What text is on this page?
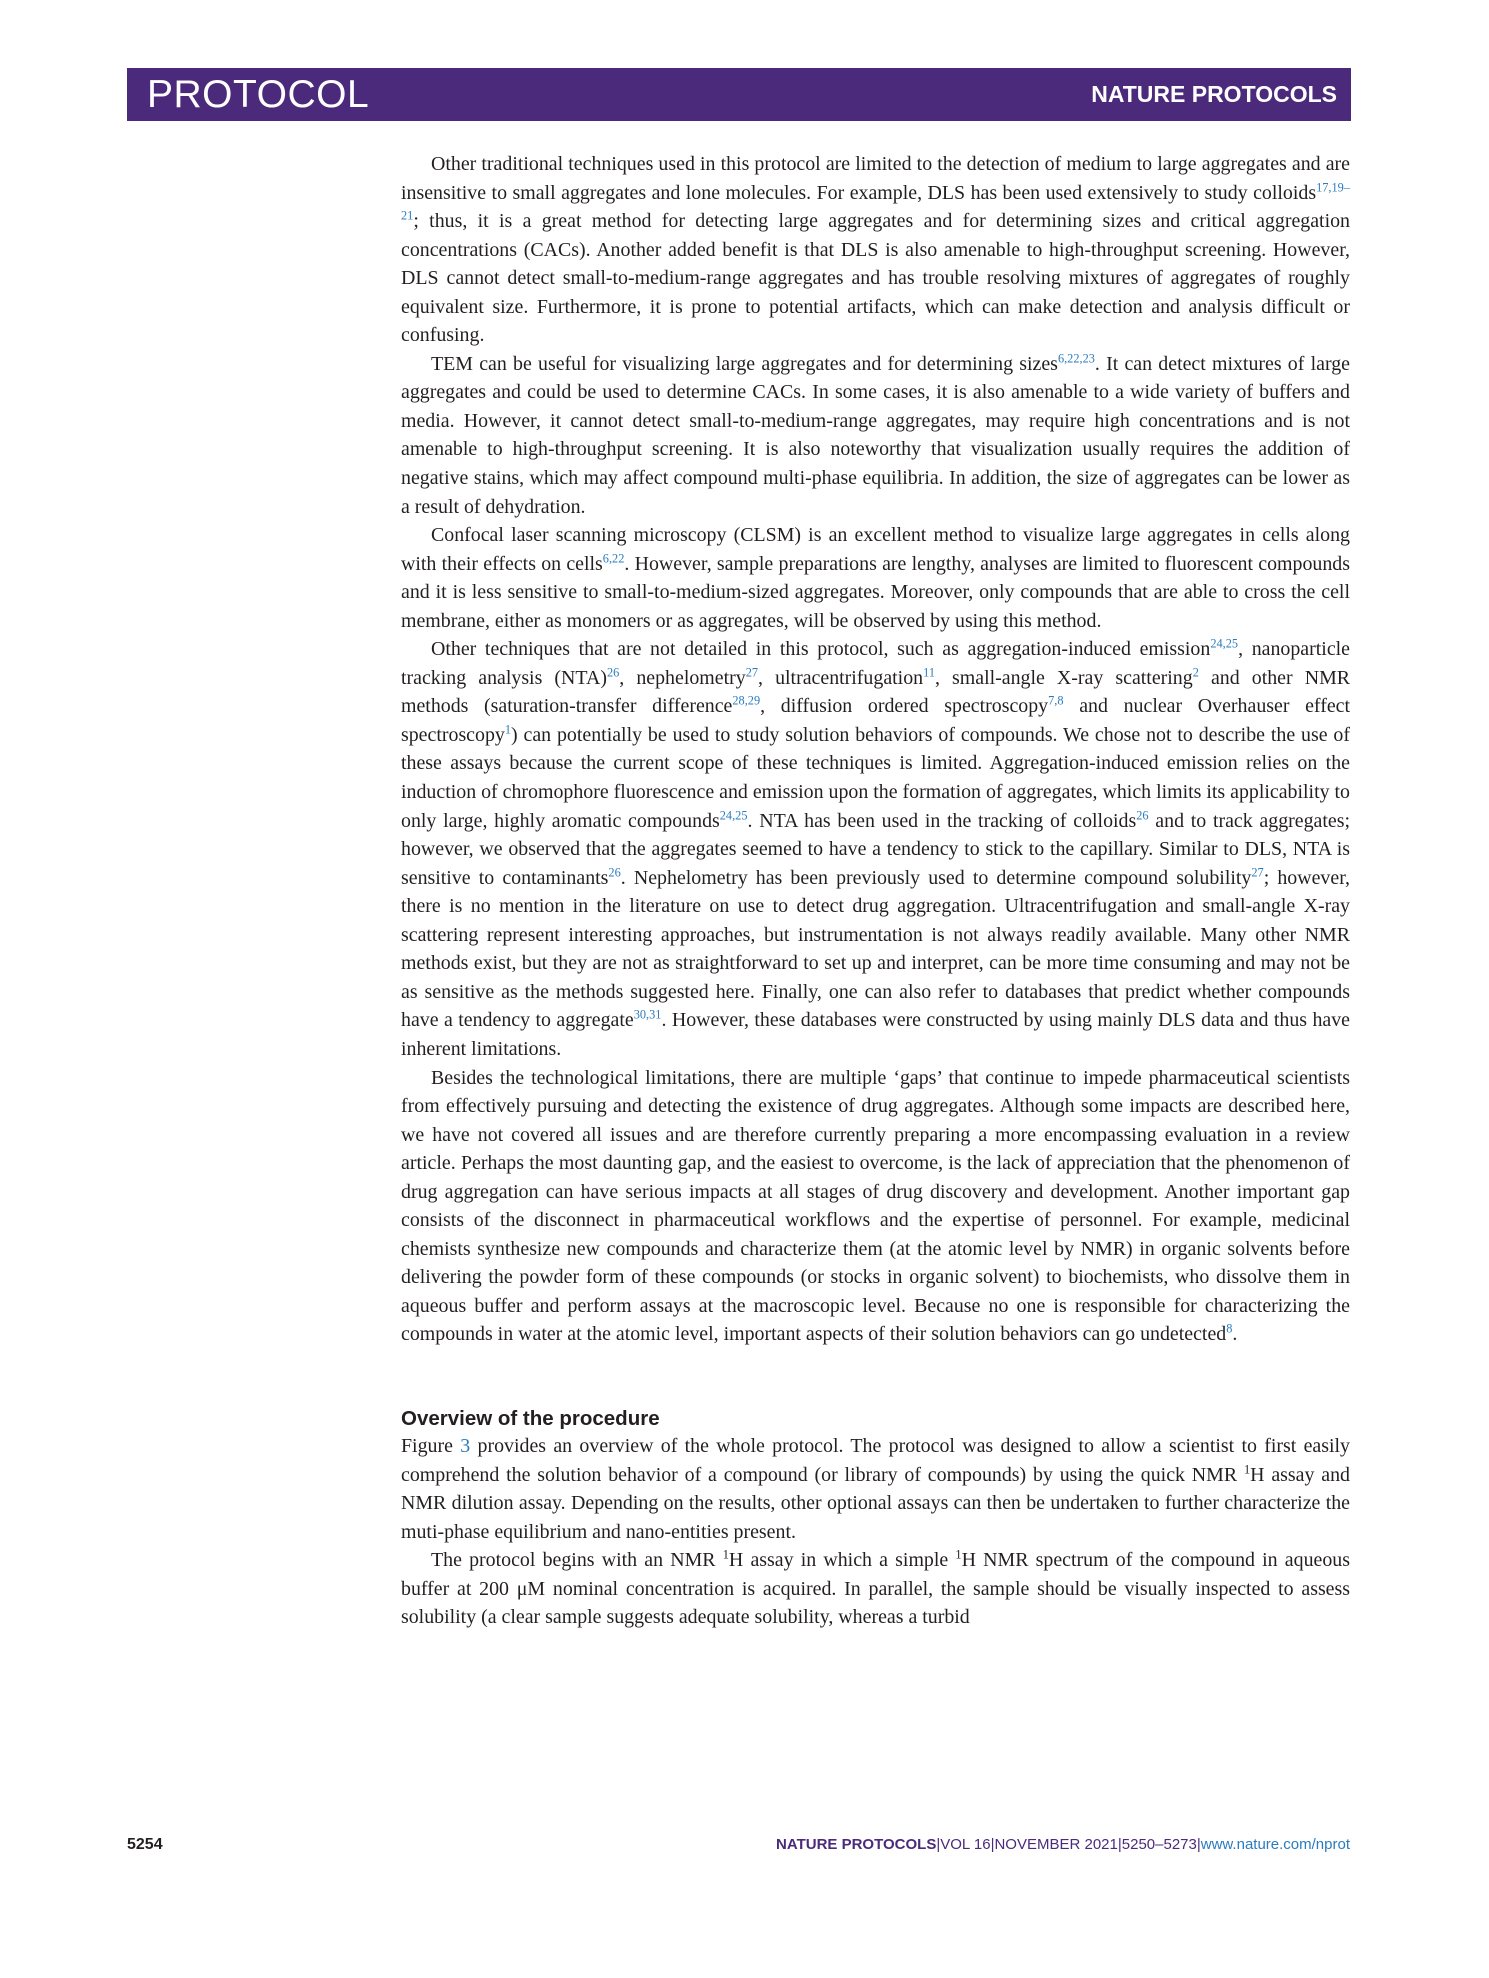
PROTOCOL	NATURE PROTOCOLS

Other traditional techniques used in this protocol are limited to the detection of medium to large aggregates and are insensitive to small aggregates and lone molecules. For example, DLS has been used extensively to study colloids$^{17,19-21}$; thus, it is a great method for detecting large aggregates and for determining sizes and critical aggregation concentrations (CACs). Another added benefit is that DLS is also amenable to high-throughput screening. However, DLS cannot detect small-to-medium-range aggregates and has trouble resolving mixtures of aggregates of roughly equivalent size. Furthermore, it is prone to potential artifacts, which can make detection and analysis difficult or confusing.

TEM can be useful for visualizing large aggregates and for determining sizes$^{6,22,23}$. It can detect mixtures of large aggregates and could be used to determine CACs. In some cases, it is also amenable to a wide variety of buffers and media. However, it cannot detect small-to-medium-range aggregates, may require high concentrations and is not amenable to high-throughput screening. It is also noteworthy that visualization usually requires the addition of negative stains, which may affect compound multi-phase equilibria. In addition, the size of aggregates can be lower as a result of dehydration.

Confocal laser scanning microscopy (CLSM) is an excellent method to visualize large aggregates in cells along with their effects on cells$^{6,22}$. However, sample preparations are lengthy, analyses are limited to fluorescent compounds and it is less sensitive to small-to-medium-sized aggregates. Moreover, only compounds that are able to cross the cell membrane, either as monomers or as aggregates, will be observed by using this method.

Other techniques that are not detailed in this protocol, such as aggregation-induced emission$^{24,25}$, nanoparticle tracking analysis (NTA)$^{26}$, nephelometry$^{27}$, ultracentrifugation$^{11}$, small-angle X-ray scattering$^2$ and other NMR methods (saturation-transfer difference$^{28,29}$, diffusion ordered spectroscopy$^{7,8}$ and nuclear Overhauser effect spectroscopy$^1$) can potentially be used to study solution behaviors of compounds. We chose not to describe the use of these assays because the current scope of these techniques is limited. Aggregation-induced emission relies on the induction of chromophore fluorescence and emission upon the formation of aggregates, which limits its applicability to only large, highly aromatic compounds$^{24,25}$. NTA has been used in the tracking of colloids$^{26}$ and to track aggregates; however, we observed that the aggregates seemed to have a tendency to stick to the capillary. Similar to DLS, NTA is sensitive to contaminants$^{26}$. Nephelometry has been previously used to determine compound solubility$^{27}$; however, there is no mention in the literature on use to detect drug aggregation. Ultracentrifugation and small-angle X-ray scattering represent interesting approaches, but instrumentation is not always readily available. Many other NMR methods exist, but they are not as straightforward to set up and interpret, can be more time consuming and may not be as sensitive as the methods suggested here. Finally, one can also refer to databases that predict whether compounds have a tendency to aggregate$^{30,31}$. However, these databases were constructed by using mainly DLS data and thus have inherent limitations.

Besides the technological limitations, there are multiple ‘gaps’ that continue to impede pharmaceutical scientists from effectively pursuing and detecting the existence of drug aggregates. Although some impacts are described here, we have not covered all issues and are therefore currently preparing a more encompassing evaluation in a review article. Perhaps the most daunting gap, and the easiest to overcome, is the lack of appreciation that the phenomenon of drug aggregation can have serious impacts at all stages of drug discovery and development. Another important gap consists of the disconnect in pharmaceutical workflows and the expertise of personnel. For example, medicinal chemists synthesize new compounds and characterize them (at the atomic level by NMR) in organic solvents before delivering the powder form of these compounds (or stocks in organic solvent) to biochemists, who dissolve them in aqueous buffer and perform assays at the macroscopic level. Because no one is responsible for characterizing the compounds in water at the atomic level, important aspects of their solution behaviors can go undetected$^8$.

Overview of the procedure

Figure 3 provides an overview of the whole protocol. The protocol was designed to allow a scientist to first easily comprehend the solution behavior of a compound (or library of compounds) by using the quick NMR $^1$H assay and NMR dilution assay. Depending on the results, other optional assays can then be undertaken to further characterize the muti-phase equilibrium and nano-entities present.

The protocol begins with an NMR $^1$H assay in which a simple $^1$H NMR spectrum of the compound in aqueous buffer at 200 μM nominal concentration is acquired. In parallel, the sample should be visually inspected to assess solubility (a clear sample suggests adequate solubility, whereas a turbid

5254	NATURE PROTOCOLS|VOL 16|NOVEMBER 2021|5250–5273|www.nature.com/nprot
